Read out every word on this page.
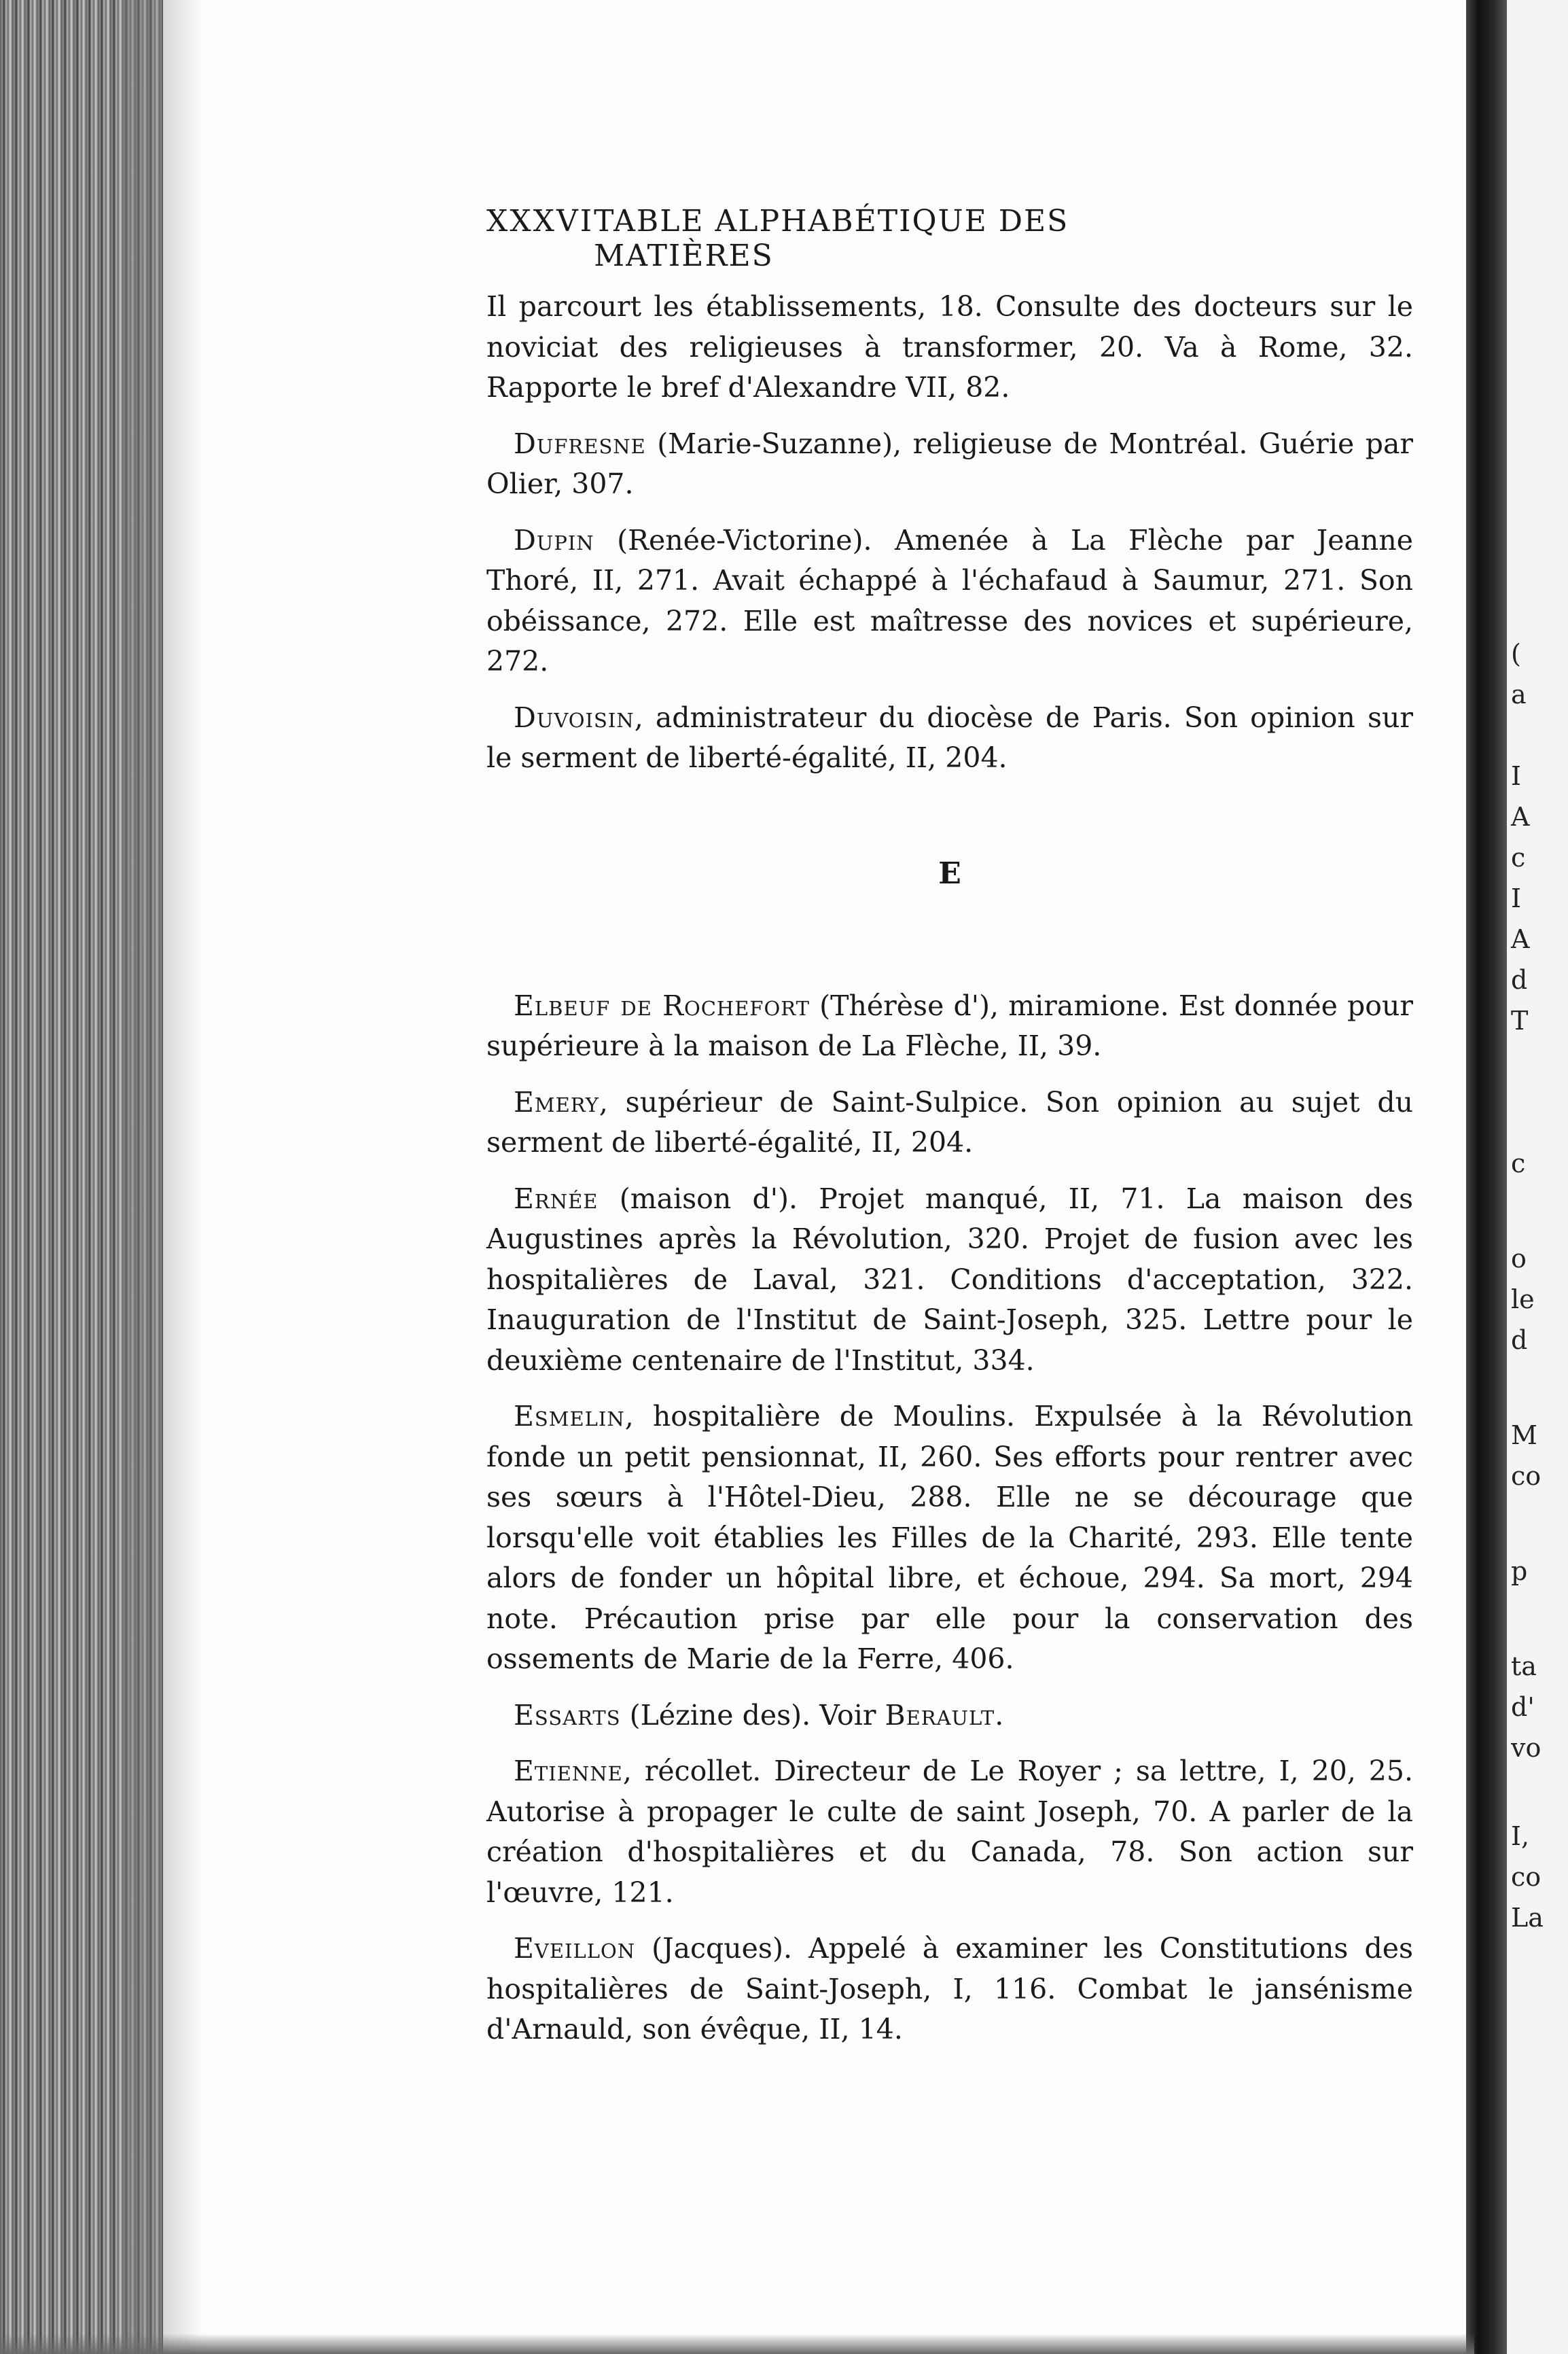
(
a
I
A
c
I
A
d
T
c
o
le
d
M
co
p
ta
d'
vo
I,
co
La
XXXVI TABLE ALPHABÉTIQUE DES MATIÈRES

Il parcourt les établissements, 18. Consulte des docteurs sur le noviciat des religieuses à transformer, 20. Va à Rome, 32. Rapporte le bref d'Alexandre VII, 82.

Dufresne (Marie-Suzanne), religieuse de Montréal. Guérie par Olier, 307.

Dupin (Renée-Victorine). Amenée à La Flèche par Jeanne Thoré, II, 271. Avait échappé à l'échafaud à Saumur, 271. Son obéissance, 272. Elle est maîtresse des novices et supérieure, 272.

Duvoisin, administrateur du diocèse de Paris. Son opinion sur le serment de liberté-égalité, II, 204.

E

Elbeuf de Rochefort (Thérèse d'), miramione. Est donnée pour supérieure à la maison de La Flèche, II, 39.

Emery, supérieur de Saint-Sulpice. Son opinion au sujet du serment de liberté-égalité, II, 204.

Ernée (maison d'). Projet manqué, II, 71. La maison des Augustines après la Révolution, 320. Projet de fusion avec les hospitalières de Laval, 321. Conditions d'acceptation, 322. Inauguration de l'Institut de Saint-Joseph, 325. Lettre pour le deuxième centenaire de l'Institut, 334.

Esmelin, hospitalière de Moulins. Expulsée à la Révolution fonde un petit pensionnat, II, 260. Ses efforts pour rentrer avec ses sœurs à l'Hôtel-Dieu, 288. Elle ne se décourage que lorsqu'elle voit établies les Filles de la Charité, 293. Elle tente alors de fonder un hôpital libre, et échoue, 294. Sa mort, 294 note. Précaution prise par elle pour la conservation des ossements de Marie de la Ferre, 406.

Essarts (Lézine des). Voir Berault.

Etienne, récollet. Directeur de Le Royer ; sa lettre, I, 20, 25. Autorise à propager le culte de saint Joseph, 70. A parler de la création d'hospitalières et du Canada, 78. Son action sur l'œuvre, 121.

Eveillon (Jacques). Appelé à examiner les Constitutions des hospitalières de Saint-Joseph, I, 116. Combat le jansénisme d'Arnauld, son évêque, II, 14.
